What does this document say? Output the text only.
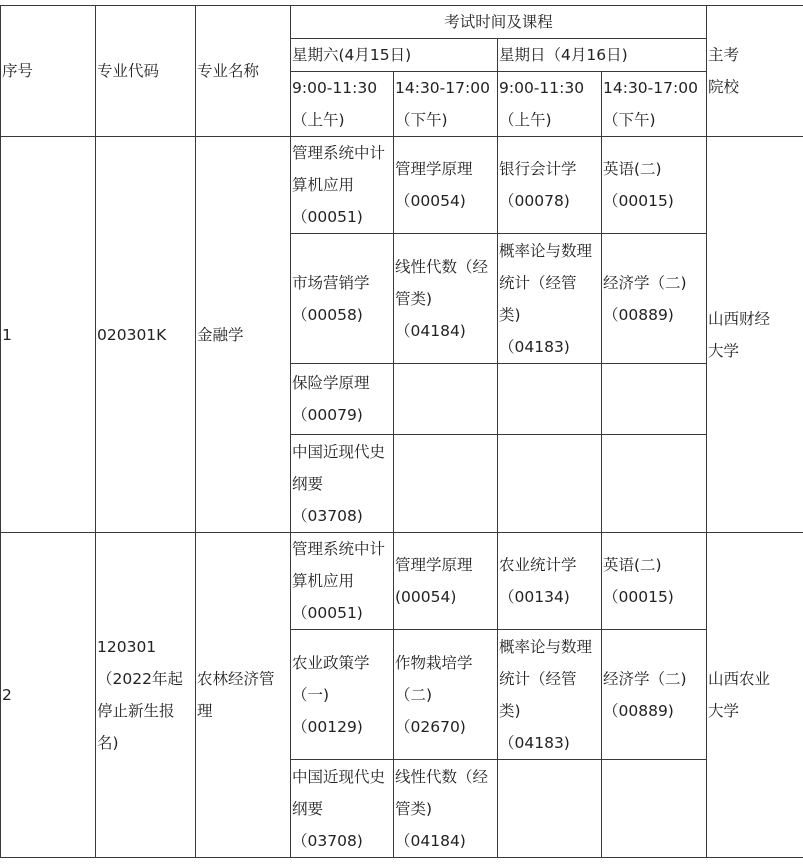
序号	专业代码	专业名称	考试时间及课程				主考
院校

			星期六(4月15日)		星期日（4月16日)		

			9:00-11:30
（上午)	14:30-17:00
（下午)	9:00-11:30
（上午)	14:30-17:00
（下午)	

1	020301K	金融学	管理系统中计
算机应用
（00051)	管理学原理
（00054)	银行会计学
（00078)	英语(二)
（00015)	山西财经
大学

			市场营销学
（00058)	线性代数（经
管类)
（04184)	概率论与数理
统计（经管
类)
（04183)	经济学（二)
（00889)	

			保险学原理
（00079)				

			中国近现代史
纲要
（03708)				

2	120301
（2022年起
停止新生报
名)	农林经济管
理	管理系统中计
算机应用
（00051)	管理学原理
(00054)	农业统计学
（00134)	英语(二)
（00015)	山西农业
大学

			农业政策学
（一)
（00129)	作物栽培学
（二)
（02670)	概率论与数理
统计（经管
类)
（04183)	经济学（二)
（00889)	

			中国近现代史
纲要
（03708)	线性代数（经
管类)
（04184)			
